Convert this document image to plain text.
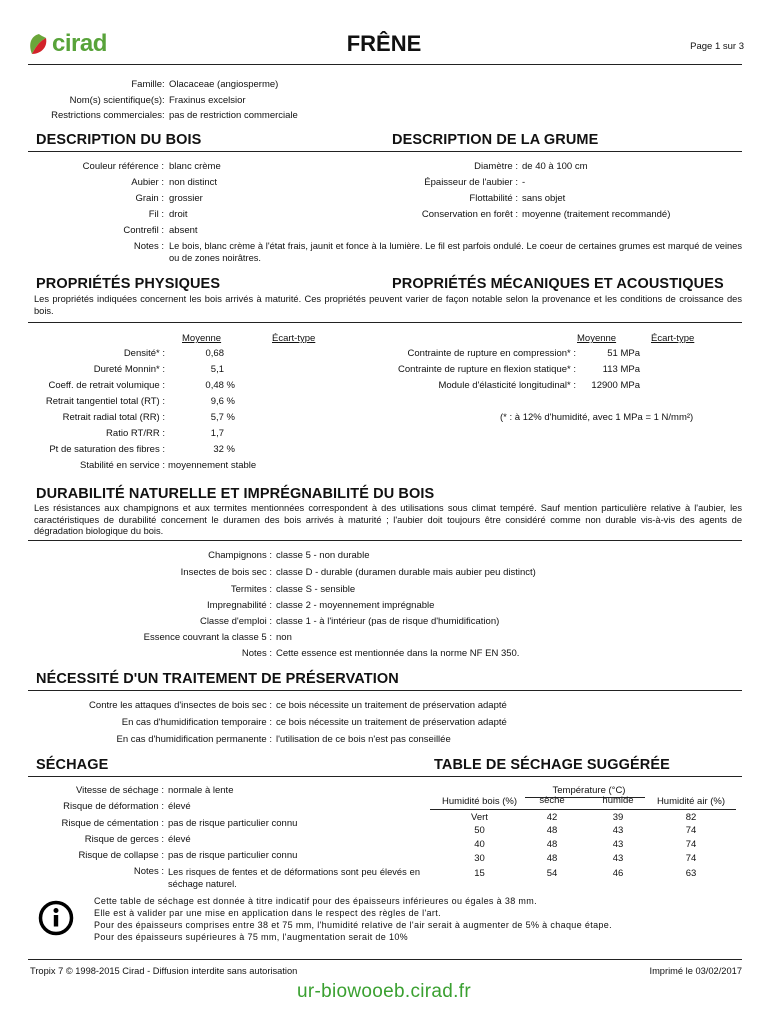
cirad	FRÊNE	Page 1 sur 3
Famille Olacaceae (angiosperme)
Nom(s) scientifique(s) Fraxinus excelsior
Restrictions commerciales pas de restriction commerciale
:
:
:
DESCRIPTION DU BOIS	DESCRIPTION DE LA GRUME
Couleur référence : blanc crème
Aubier : non distinct
Grain : grossier
Fil : droit
Contrefil : absent
Diamètre : de 40 à 100 cm
Épaisseur de l'aubier : -
Flottabilité : sans objet
Conservation en forêt : moyenne (traitement recommandé)
Notes : Le bois, blanc crème à l'état frais, jaunit et fonce à la lumière. Le fil est parfois ondulé. Le coeur de certaines grumes est marqué de veines ou de zones noirâtres.
PROPRIÉTÉS PHYSIQUES	PROPRIÉTÉS MÉCANIQUES ET ACOUSTIQUES
Les propriétés indiquées concernent les bois arrivés à maturité. Ces propriétés peuvent varier de façon notable selon la provenance et les conditions de croissance des bois.
Moyenne	Écart-type	Moyenne	Écart-type
Densité* :	0,68
Dureté Monnin* :	5,1
Coeff. de retrait volumique :	0,48 %
Retrait tangentiel total (RT) :	9,6 %
Retrait radial total (RR) :	5,7 %
Ratio RT/RR :	1,7
Pt de saturation des fibres :	32 %
Stabilité en service : moyennement stable
Contrainte de rupture en compression* :	51 MPa
Contrainte de rupture en flexion statique* :	113 MPa
Module d'élasticité longitudinal* : 12900 MPa
(* : à 12% d'humidité, avec 1 MPa = 1 N/mm²)
DURABILITÉ NATURELLE ET IMPRÉGNABILITÉ DU BOIS
Les résistances aux champignons et aux termites mentionnées correspondent à des utilisations sous climat tempéré. Sauf mention particulière relative à l'aubier, les caractéristiques de durabilité concernent le duramen des bois arrivés à maturité ; l'aubier doit toujours être considéré comme non durable vis-à-vis des agents de dégradation biologique du bois.
Champignons : classe 5 - non durable
Insectes de bois sec : classe D - durable (duramen durable mais aubier peu distinct)
Termites : classe S - sensible
Impregnabilité : classe 2 - moyennement imprégnable
Classe d'emploi : classe 1 - à l'intérieur (pas de risque d'humidification)
Essence couvrant la classe 5 : non
Notes : Cette essence est mentionnée dans la norme NF EN 350.
NÉCESSITÉ D'UN TRAITEMENT DE PRÉSERVATION
Contre les attaques d'insectes de bois sec : ce bois nécessite un traitement de préservation adapté
En cas d'humidification temporaire : ce bois nécessite un traitement de préservation adapté
En cas d'humidification permanente : l'utilisation de ce bois n'est pas conseillée
SÉCHAGE	TABLE DE SÉCHAGE SUGGÉRÉE
Vitesse de séchage : normale à lente
Risque de déformation : élevé
Risque de cémentation : pas de risque particulier connu
Risque de gerces : élevé
Risque de collapse : pas de risque particulier connu
Notes : Les risques de fentes et de déformations sont peu élevés en séchage naturel.
Température (°C)
Humidité bois (%)	sèche	humide	Humidité air (%)
Vert	42	39	82
50	48	43	74
40	48	43	74
30	48	43	74
15	54	46	63
Cette table de séchage est donnée à titre indicatif pour des épaisseurs inférieures ou égales à 38 mm.
Elle est à valider par une mise en application dans le respect des règles de l'art.
Pour des épaisseurs comprises entre 38 et 75 mm, l'humidité relative de l'air serait à augmenter de 5% à chaque étape.
Pour des épaisseurs supérieures à 75 mm, l'augmentation serait de 10%
Tropix 7 © 1998-2015 Cirad - Diffusion interdite sans autorisation	Imprimé le 03/02/2017
ur-biowooeb.cirad.fr
